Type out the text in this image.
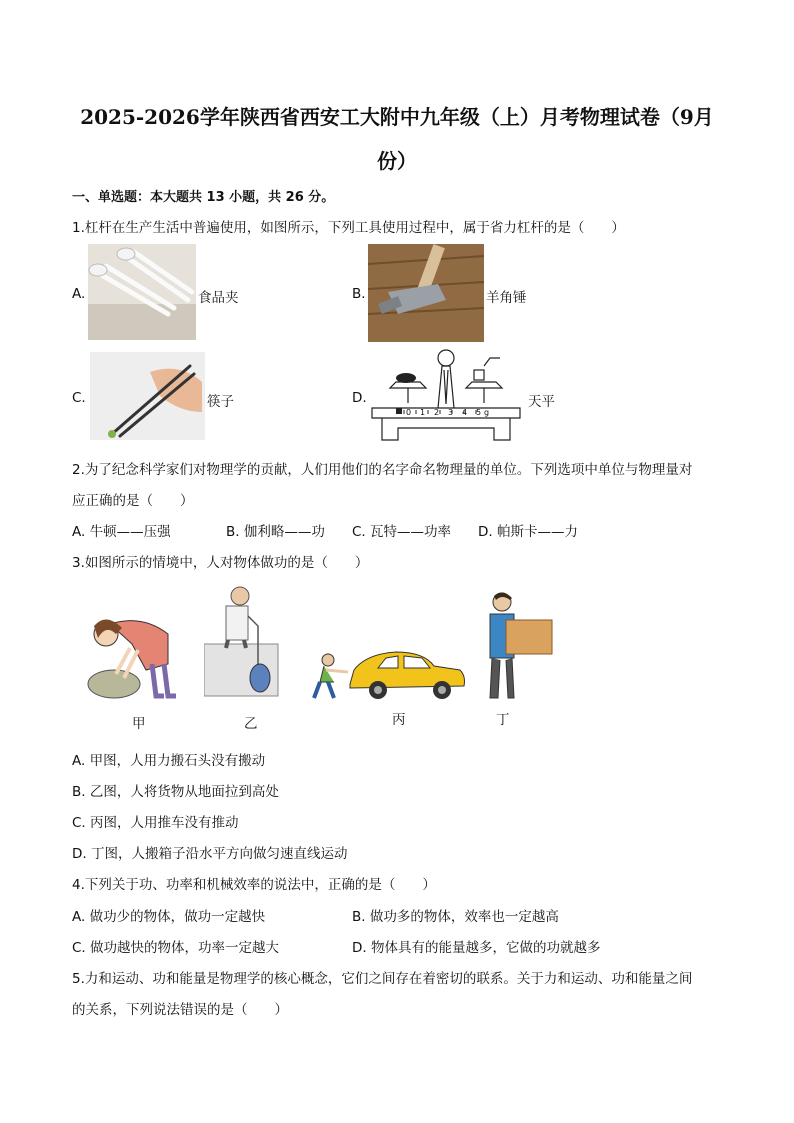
2025-2026学年陕西省西安工大附中九年级（上）月考物理试卷（9月
份）
一、单选题：本大题共 13 小题，共 26 分。
1.杠杆在生产生活中普遍使用，如图所示，下列工具使用过程中，属于省力杠杆的是（　　）
A.	食品夹	B.	羊角锤
C.	筷子	D.
0 1 2 3 4 5 g
天平
2.为了纪念科学家们对物理学的贡献，人们用他们的名字命名物理量的单位。下列选项中单位与物理量对
应正确的是（　　）
A. 牛顿——压强	B. 伽利略——功 C. 瓦特——功率 D. 帕斯卡——力
3.如图所示的情境中，人对物体做功的是（　　）
甲	乙	丙	丁
A. 甲图，人用力搬石头没有搬动
B. 乙图，人将货物从地面拉到高处
C. 丙图，人用推车没有推动
D. 丁图，人搬箱子沿水平方向做匀速直线运动
4.下列关于功、功率和机械效率的说法中，正确的是（　　）
A. 做功少的物体，做功一定越快	B. 做功多的物体，效率也一定越高
C. 做功越快的物体，功率一定越大	D. 物体具有的能量越多，它做的功就越多
5.力和运动、功和能量是物理学的核心概念，它们之间存在着密切的联系。关于力和运动、功和能量之间
的关系，下列说法错误的是（　　）
